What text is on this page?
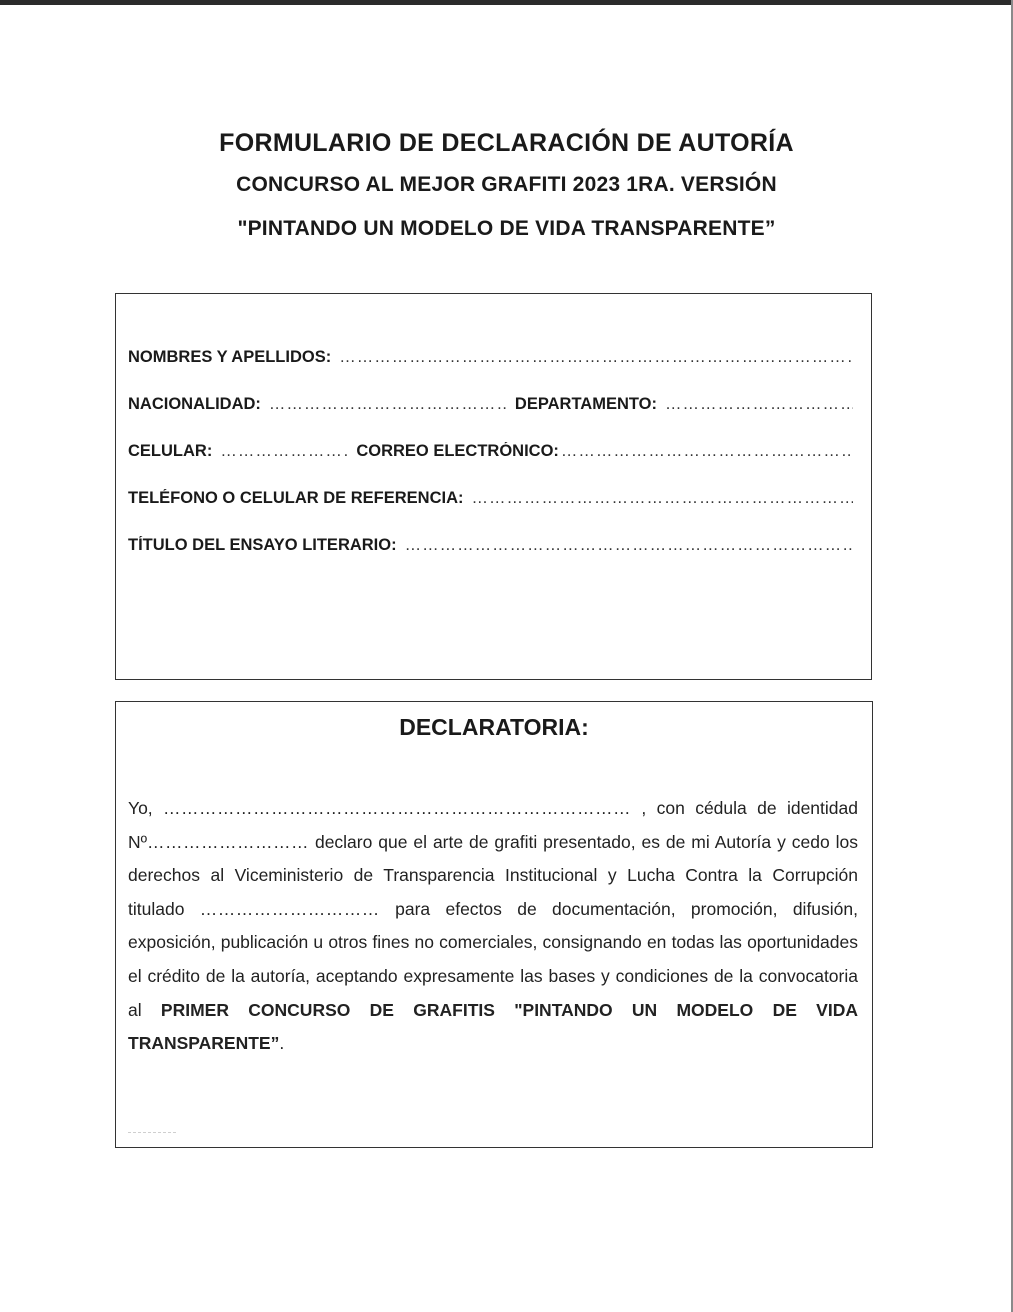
FORMULARIO DE DECLARACIÓN DE AUTORÍA
CONCURSO AL MEJOR GRAFITI 2023 1RA. VERSIÓN
"PINTANDO UN MODELO DE VIDA TRANSPARENTE”
NOMBRES Y APELLIDOS:
………………………………………………………………………………………………………………………………………………………………………………………………………
NACIONALIDAD: ………………………………………………………………………………………………………	DEPARTAMENTO:
………………………………………………………………………………………………………………………………………………………………………………………………………
CELULAR: ………………………………………………………………………………………………………	CORREO ELECTRÓNICO:
………………………………………………………………………………………………………………………………………………………………………………………………………
TELÉFONO O CELULAR DE REFERENCIA:
………………………………………………………………………………………………………………………………………………………………………………………………………
TÍTULO DEL ENSAYO LITERARIO:
………………………………………………………………………………………………………………………………………………………………………………………………………
DECLARATORIA:
Yo, …………………………………………………………………… , con cédula de identidad Nº……………………… declaro que el arte de grafiti presentado, es de mi Autoría y cedo los derechos al Viceministerio de Transparencia Institucional y Lucha Contra la Corrupción titulado ………………………… para efectos de documentación, promoción, difusión, exposición, publicación u otros fines no comerciales, consignando en todas las oportunidades el crédito de la autoría, aceptando expresamente las bases y condiciones de la convocatoria al PRIMER CONCURSO DE GRAFITIS "PINTANDO UN MODELO DE VIDA TRANSPARENTE”.
